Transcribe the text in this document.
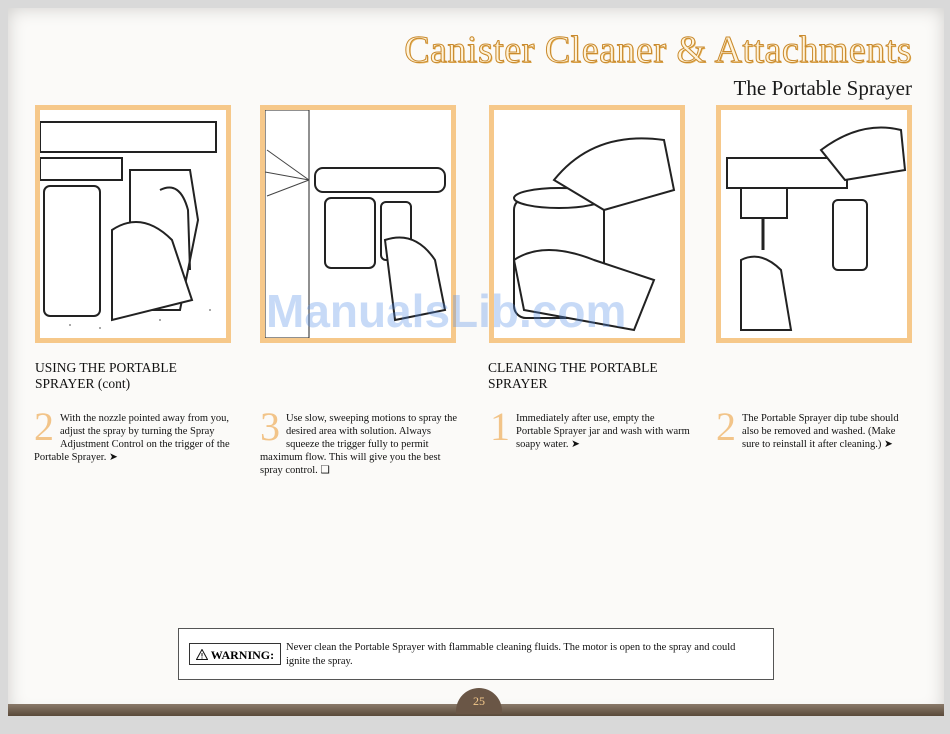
Canister Cleaner & Attachments
The Portable Sprayer
ManualsLib.com
USING THE PORTABLE SPRAYER (cont)
CLEANING THE PORTABLE SPRAYER
2 With the nozzle pointed away from you, adjust the spray by turning the Spray Adjustment Control on the trigger of the Portable Sprayer. ➤
3 Use slow, sweeping motions to spray the desired area with solution. Always squeeze the trigger fully to permit maximum flow. This will give you the best spray control. ❑
1 Immediately after use, empty the Portable Sprayer jar and wash with warm soapy water. ➤	2 The Portable Sprayer dip tube should also be removed and washed. (Make sure to reinstall it after cleaning.) ➤
WARNING:
Never clean the Portable Sprayer with flammable cleaning fluids. The motor is open to the spray and could ignite the spray.
25
